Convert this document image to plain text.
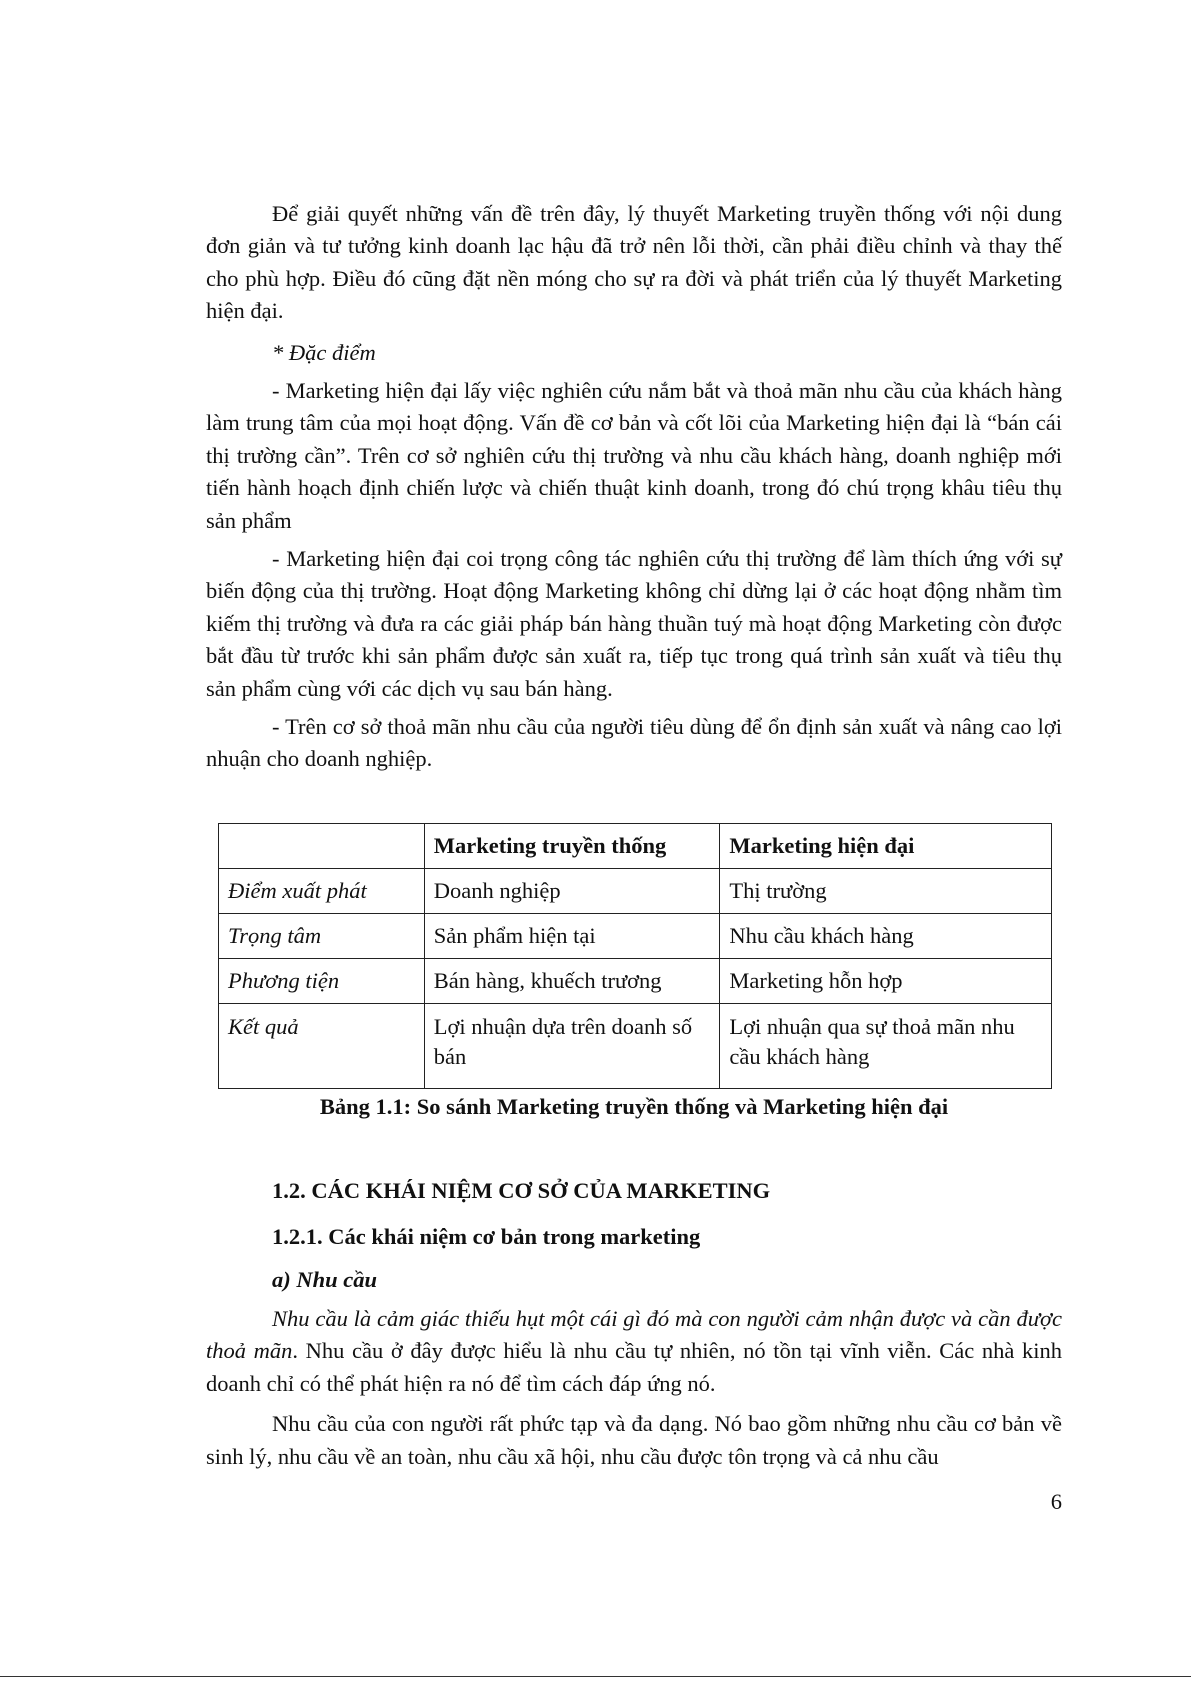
Để giải quyết những vấn đề trên đây, lý thuyết Marketing truyền thống với nội dung đơn giản và tư tưởng kinh doanh lạc hậu đã trở nên lỗi thời, cần phải điều chỉnh và thay thế cho phù hợp. Điều đó cũng đặt nền móng cho sự ra đời và phát triển của lý thuyết Marketing hiện đại.

* Đặc điểm

- Marketing hiện đại lấy việc nghiên cứu nắm bắt và thoả mãn nhu cầu của khách hàng làm trung tâm của mọi hoạt động. Vấn đề cơ bản và cốt lõi của Marketing hiện đại là “bán cái thị trường cần”. Trên cơ sở nghiên cứu thị trường và nhu cầu khách hàng, doanh nghiệp mới tiến hành hoạch định chiến lược và chiến thuật kinh doanh, trong đó chú trọng khâu tiêu thụ sản phẩm

- Marketing hiện đại coi trọng công tác nghiên cứu thị trường để làm thích ứng với sự biến động của thị trường. Hoạt động Marketing không chỉ dừng lại ở các hoạt động nhằm tìm kiếm thị trường và đưa ra các giải pháp bán hàng thuần tuý mà hoạt động Marketing còn được bắt đầu từ trước khi sản phẩm được sản xuất ra, tiếp tục trong quá trình sản xuất và tiêu thụ sản phẩm cùng với các dịch vụ sau bán hàng.

- Trên cơ sở thoả mãn nhu cầu của người tiêu dùng để ổn định sản xuất và nâng cao lợi nhuận cho doanh nghiệp.

	Marketing truyền thống	Marketing hiện đại
Điểm xuất phát	Doanh nghiệp	Thị trường
Trọng tâm	Sản phẩm hiện tại	Nhu cầu khách hàng
Phương tiện	Bán hàng, khuếch trương	Marketing hỗn hợp
Kết quả	Lợi nhuận dựa trên doanh số bán	Lợi nhuận qua sự thoả mãn nhu cầu khách hàng
Bảng 1.1: So sánh Marketing truyền thống và Marketing hiện đại
1.2. CÁC KHÁI NIỆM CƠ SỞ CỦA MARKETING
1.2.1. Các khái niệm cơ bản trong marketing
a) Nhu cầu

Nhu cầu là cảm giác thiếu hụt một cái gì đó mà con người cảm nhận được và cần được thoả mãn. Nhu cầu ở đây được hiểu là nhu cầu tự nhiên, nó tồn tại vĩnh viễn. Các nhà kinh doanh chỉ có thể phát hiện ra nó để tìm cách đáp ứng nó.

Nhu cầu của con người rất phức tạp và đa dạng. Nó bao gồm những nhu cầu cơ bản về sinh lý, nhu cầu về an toàn, nhu cầu xã hội, nhu cầu được tôn trọng và cả nhu cầu

6
